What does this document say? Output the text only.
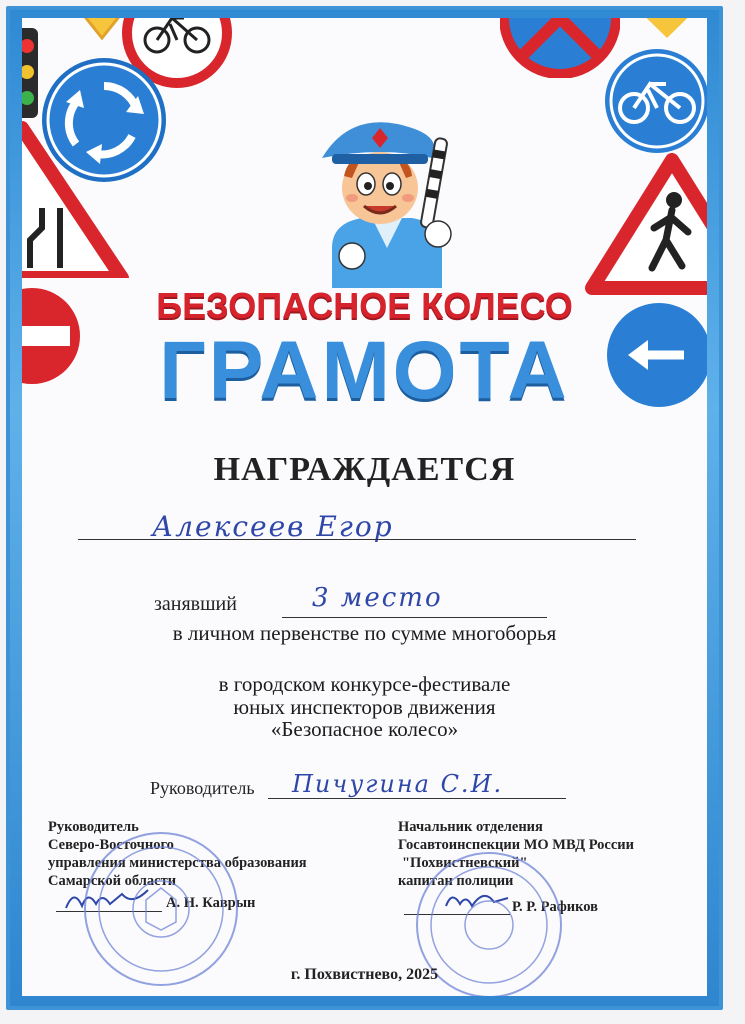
БЕЗОПАСНОЕ КОЛЕСО
ГРАМОТА
НАГРАЖДАЕТСЯ
Алексеев Егор
занявший	3 место
в личном первенстве по сумме многоборья
в городском конкурсе-фестивале
юных инспекторов движения
«Безопасное колесо»
Руководитель Пичугина С.И.
Руководитель
Северо-Восточного
управления министерства образования
Самарской области
А. Н. Каврын
Начальник отделения
Госавтоинспекции МО МВД России
"Похвистневский"
капитан полиции
Р. Р. Рафиков
г. Похвистнево, 2025
